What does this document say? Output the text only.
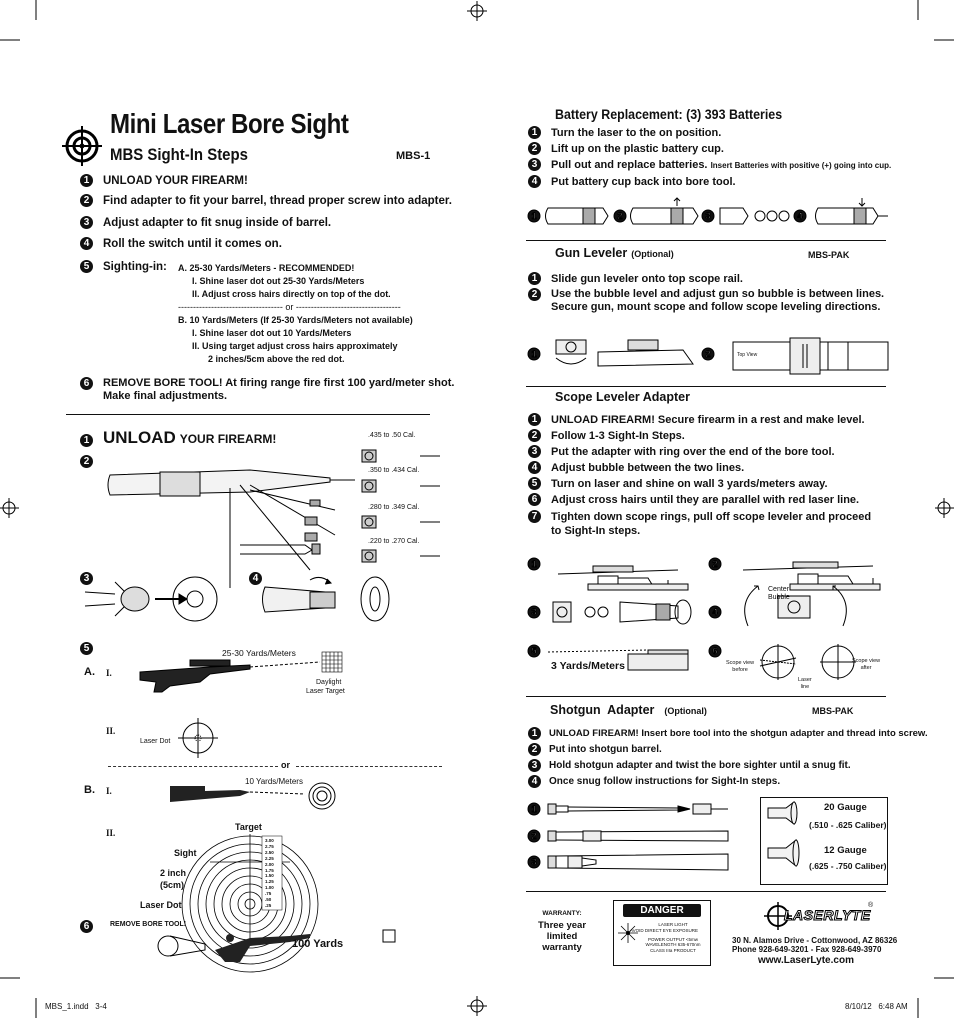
Mini Laser Bore Sight
MBS Sight-In Steps	MBS-1
1	UNLOAD YOUR FIREARM!
2	Find adapter to fit your barrel, thread proper screw into adapter.
3	Adjust adapter to fit snug inside of barrel.
4	Roll the switch until it comes on.
5	Sighting-in: A. 25-30 Yards/Meters - RECOMMENDED!
I. Shine laser dot out 25-30 Yards/Meters
II. Adjust cross hairs directly on top of the dot.
----------------------------------- or -----------------------------------
B. 10 Yards/Meters (If 25-30 Yards/Meters not available)
I. Shine laser dot out 10 Yards/Meters
II. Using target adjust cross hairs approximately
2 inches/5cm above the red dot.
6	REMOVE BORE TOOL! At firing range fire first 100 yard/meter shot.
Make final adjustments.
1 UNLOAD YOUR FIREARM!
2
3	4
5
6
.435 to .50 Cal.
.350 to .434 Cal.
.280 to .349 Cal.
.220 to .270 Cal.
25-30 Yards/Meters
A. I.
Daylight
Laser Target
II.
Laser Dot
or
B. I.
10 Yards/Meters
II.
Target
3.00
2.75
2.50
2.25
2.00
1.75
1.50
1.25
1.00
.75
.50
.25
Sight
2 inch
(5cm)
Laser Dot
REMOVE BORE TOOL!
100 Yards
Battery Replacement: (3) 393 Batteries
1	Turn the laser to the on position.
2	Lift up on the plastic battery cup.
3	Pull out and replace batteries. Insert Batteries with positive (+) going into cup.
4	Put battery cup back into bore tool.
1	2	3	4
Gun Leveler (Optional)	MBS-PAK
1	Slide gun leveler onto top scope rail.
2	Use the bubble level and adjust gun so bubble is between lines.
Secure gun, mount scope and follow scope leveling directions.
1	2	Top View
Scope Leveler Adapter
1	UNLOAD FIREARM! Secure firearm in a rest and make level.
2	Follow 1-3 Sight-In Steps.
3	Put the adapter with ring over the end of the bore tool.
4	Adjust bubble between the two lines.
5	Turn on laser and shine on wall 3 yards/meters away.
6	Adjust cross hairs until they are parallel with red laser line.
7	Tighten down scope rings, pull off scope leveler and proceed
to Sight-In steps.
1	2
3	4
5	6
Center
Bubble
3 Yards/Meters	Scope view
before
Scope view
after
Laser
line
Shotgun  Adapter (Optional)	MBS-PAK
1	UNLOAD FIREARM! Insert bore tool into the shotgun adapter and thread into screw.
2	Put into shotgun barrel.
3	Hold shotgun adapter and twist the bore sighter until a snug fit.
4	Once snug follow instructions for Sight-In steps.
1
2
3
20 Gauge
(.510 - .625 Caliber)
12 Gauge
(.625 - .750 Caliber)
WARRANTY:
Three year
limited warranty
DANGER
LASER LIGHT
AVOID DIRECT EYE EXPOSURE
POWER OUTPUT <5mw
WAVELENGTH 635-670nm
CLASS IIIa PRODUCT
LASERLYTE
®
30 N. Alamos Drive - Cottonwood, AZ 86326
Phone 928-649-3201 - Fax 928-649-3970
www.LaserLyte.com
MBS_1.indd   3-4	8/10/12   6:48 AM
